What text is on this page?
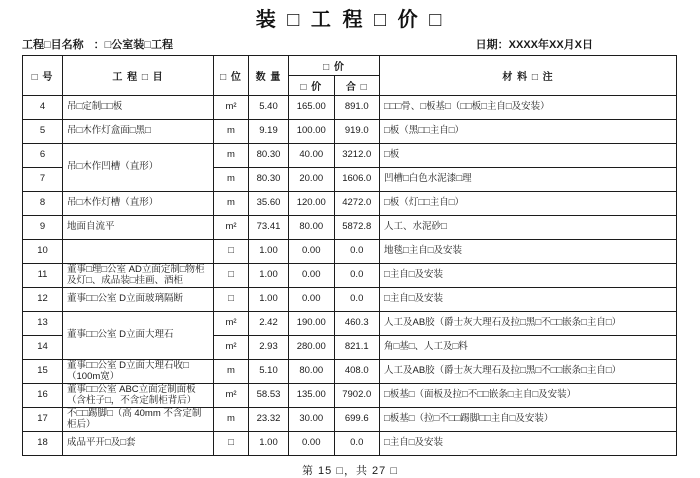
装 □ 工 程 □ 价 □
工程□目名称 ：□公室装□工程	日期：XXXX年XX月X日
□ 号	工 程 □ 目	□ 位	数 量	□ 价		材 料 □ 注
				□ 价	合 □	
4	吊□定制□□板	m²	5.40	165.00	891.0	□□□骨、□板基□（□□板□主自□及安装）
5	吊□木作灯盒面□黑□	m	9.19	100.00	919.0	□板（黑□□主自□）
6	吊□木作凹槽（直形）	m	80.30	40.00	3212.0	□板
7		m	80.30	20.00	1606.0	凹槽□白色水泥漆□理
8	吊□木作灯槽（直形）	m	35.60	120.00	4272.0	□板（灯□□主自□）
9	地面自流平	m²	73.41	80.00	5872.8	人工、水泥砂□
10		□	1.00	0.00	0.0	地毯□主自□及安装
11	董事□理□公室 AD立面定制□物柜及灯□、成品装□挂画、酒柜	□	1.00	0.00	0.0	□主自□及安装
12	董事□□公室 D立面玻璃隔断	□	1.00	0.00	0.0	□主自□及安装
13	董事□□公室 D立面大理石	m²	2.42	190.00	460.3	人工及AB胶（爵士灰大理石及拉□黑□不□□嵌条□主自□）
14		m²	2.93	280.00	821.1	角□基□、人工及□料
15	董事□□公室 D立面大理石收□（100m宽）	m	5.10	80.00	408.0	人工及AB胶（爵士灰大理石及拉□黑□不□□嵌条□主自□）
16	董事□□公室 ABC立面定制面板（含柱子□，不含定制柜背后）	m²	58.53	135.00	7902.0	□板基□（面板及拉□不□□嵌条□主自□及安装）
17	不□□踢脚□（高 40mm 不含定制柜后）	m	23.32	30.00	699.6	□板基□（拉□不□□踢脚□□主自□及安装）
18	成品平开□及□套	□	1.00	0.00	0.0	□主自□及安装
第 15 □，共 27 □
